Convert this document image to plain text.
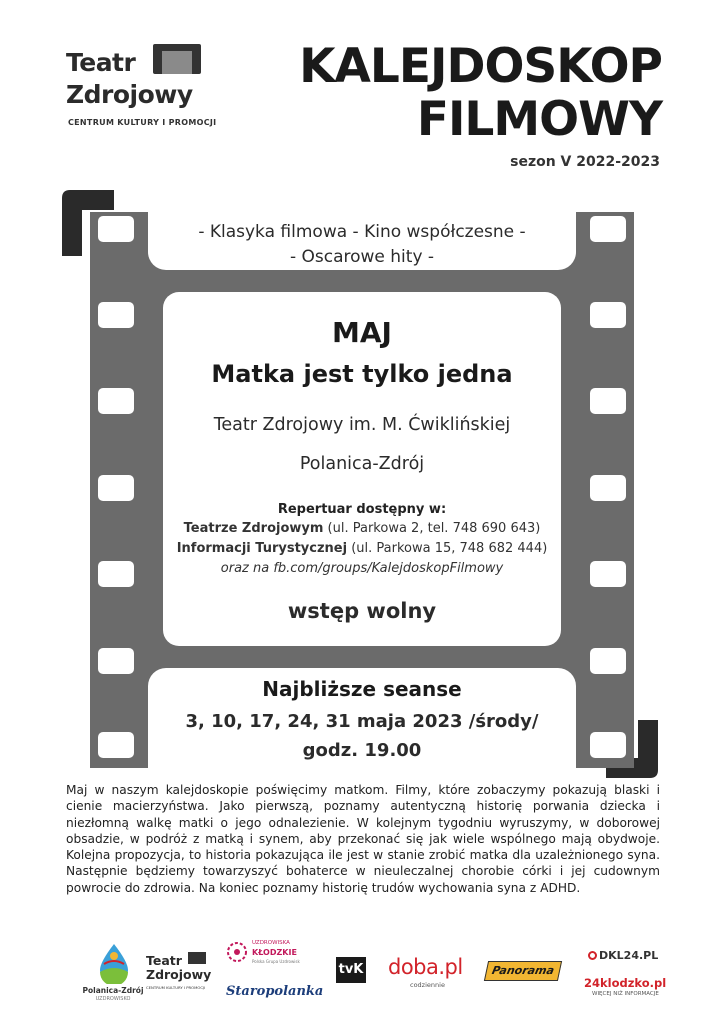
Teatr
Zdrojowy
CENTRUM KULTURY I PROMOCJI
KALEJDOSKOP
FILMOWY
sezon V 2022-2023
- Klasyka filmowa - Kino współczesne -
- Oscarowe hity -
MAJ
Matka jest tylko jedna
Teatr Zdrojowy im. M. Ćwiklińskiej
Polanica-Zdrój
Repertuar dostępny w:
Teatrze Zdrojowym (ul. Parkowa 2, tel. 748 690 643)
Informacji Turystycznej (ul. Parkowa 15, 748 682 444)
oraz na fb.com/groups/KalejdoskopFilmowy
wstęp wolny
Najbliższe seanse
3, 10, 17, 24, 31 maja 2023 /środy/
godz. 19.00
Maj w naszym kalejdoskopie poświęcimy matkom. Filmy, które zobaczymy pokazują blaski i cienie macierzyństwa. Jako pierwszą, poznamy autentyczną historię porwania dziecka i niezłomną walkę matki o jego odnalezienie. W kolejnym tygodniu wyruszymy, w doborowej obsadzie, w podróż z matką i synem, aby przekonać się jak wiele wspólnego mają obydwoje. Kolejna propozycja, to historia pokazująca ile jest w stanie zrobić matka dla uzależnionego syna. Następnie będziemy towarzyszyć bohaterce w nieuleczalnej chorobie córki i jej cudownym powrocie do zdrowia. Na koniec poznamy historię trudów wychowania syna z ADHD.
Polanica-Zdrój
UZDROWISKO
Teatr
Zdrojowy
CENTRUM KULTURY I PROMOCJI
UZDROWISKA
KŁODZKIE
Polska Grupa Uzdrowisk
Staropolanka
tvK doba.pl
codziennie
Panorama
DKL24.PL
24klodzko.pl
WIĘCEJ NIŻ INFORMACJE
